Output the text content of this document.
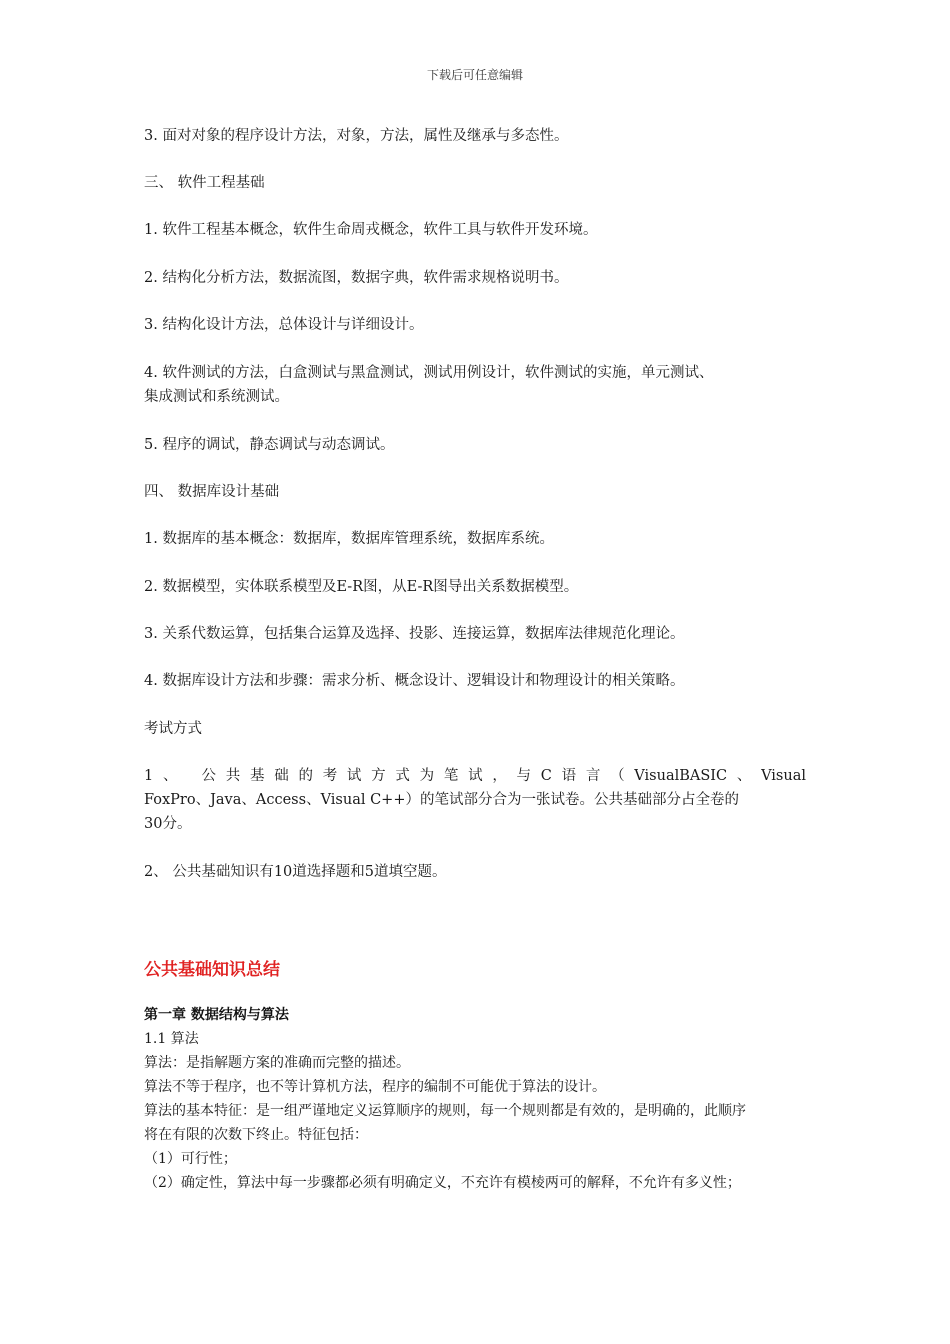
下载后可任意编辑
3. 面对对象的程序设计方法，对象，方法，属性及继承与多态性。
三、 软件工程基础
1. 软件工程基本概念，软件生命周戎概念，软件工具与软件开发环境。
2. 结构化分析方法，数据流图，数据字典，软件需求规格说明书。
3. 结构化设计方法，总体设计与详细设计。
4. 软件测试的方法，白盒测试与黑盒测试，测试用例设计，软件测试的实施，单元测试、
集成测试和系统测试。
5. 程序的调试，静态调试与动态调试。
四、 数据库设计基础
1. 数据库的基本概念：数据库，数据库管理系统，数据库系统。
2. 数据模型，实体联系模型及E-R图，从E-R图导出关系数据模型。
3. 关系代数运算，包括集合运算及选择、投影、连接运算，数据库法律规范化理论。
4. 数据库设计方法和步骤：需求分析、概念设计、逻辑设计和物理设计的相关策略。
考试方式
1、 公共基础的考试方式为笔试，与C语言（VisualBASIC、Visual
FoxPro、Java、Access、Visual C++）的笔试部分合为一张试卷。公共基础部分占全卷的
30分。
2、 公共基础知识有10道选择题和5道填空题。
公共基础知识总结
第一章 数据结构与算法
1.1 算法
算法：是指解题方案的准确而完整的描述。
算法不等于程序，也不等计算机方法，程序的编制不可能优于算法的设计。
算法的基本特征：是一组严谨地定义运算顺序的规则，每一个规则都是有效的，是明确的，此顺序
将在有限的次数下终止。特征包括：
（1）可行性；
（2）确定性，算法中每一步骤都必须有明确定义，不充许有模棱两可的解释，不允许有多义性；
